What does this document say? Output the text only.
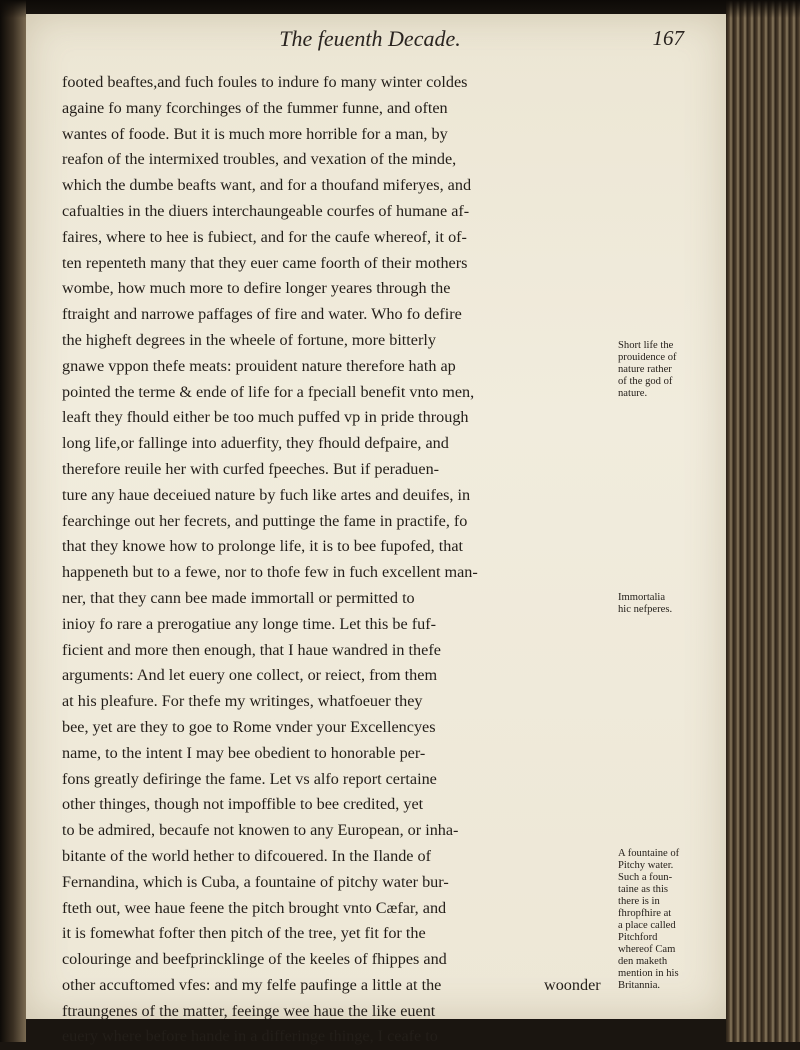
The feuenth Decade.	167
footed beaftes,and fuch foules to indure fo many winter coldes
againe fo many fcorchinges of the fummer funne, and often
wantes of foode. But it is much more horrible for a man, by
reafon of the intermixed troubles, and vexation of the minde,
which the dumbe beafts want, and for a thoufand miferyes, and
cafualties in the diuers interchaungeable courfes of humane af-
faires, where to hee is fubiect, and for the caufe whereof, it of-
ten repenteth many that they euer came foorth of their mothers
wombe, how much more to defire longer yeares through the
ftraight and narrowe paffages of fire and water. Who fo defire
the higheft degrees in the wheele of fortune, more bitterly
gnawe vppon thefe meats: prouident nature therefore hath ap
pointed the terme & ende of life for a fpeciall benefit vnto men,
leaft they fhould either be too much puffed vp in pride through
long life,or fallinge into aduerfity, they fhould defpaire, and
therefore reuile her with curfed fpeeches. But if peraduen-
ture any haue deceiued nature by fuch like artes and deuifes, in
fearchinge out her fecrets, and puttinge the fame in practife, fo
that they knowe how to prolonge life, it is to bee fupofed, that
happeneth but to a fewe, nor to thofe few in fuch excellent man-
ner, that they cann bee made immortall or permitted to
inioy fo rare a prerogatiue any longe time. Let this be fuf-
ficient and more then enough, that I haue wandred in thefe
arguments: And let euery one collect, or reiect, from them
at his pleafure. For thefe my writinges, whatfoeuer they
bee, yet are they to goe to Rome vnder your Excellencyes
name, to the intent I may bee obedient to honorable per-
fons greatly defiringe the fame. Let vs alfo report certaine
other thinges, though not impoffible to bee credited, yet
to be admired, becaufe not knowen to any European, or inha-
bitante of the world hether to difcouered. In the Ilande of
Fernandina, which is Cuba, a fountaine of pitchy water bur-
fteth out, wee haue feene the pitch brought vnto Cæfar, and
it is fomewhat fofter then pitch of the tree, yet fit for the
colouringe and beefprincklinge of the keeles of fhippes and
other accuftomed vfes: and my felfe paufinge a little at the
ftraungenes of the matter, feeinge wee haue the like euent
euery where before hande in a differinge thinge, I ceafe to
Short life the
prouidence of
nature rather
of the god of
nature.
Immortalia
hic nefperes.
A fountaine of
Pitchy water.
Such a foun-
taine as this
there is in
fhropfhire at
a place called
Pitchford
whereof Cam
den maketh
mention in his
Britannia.
woonder
